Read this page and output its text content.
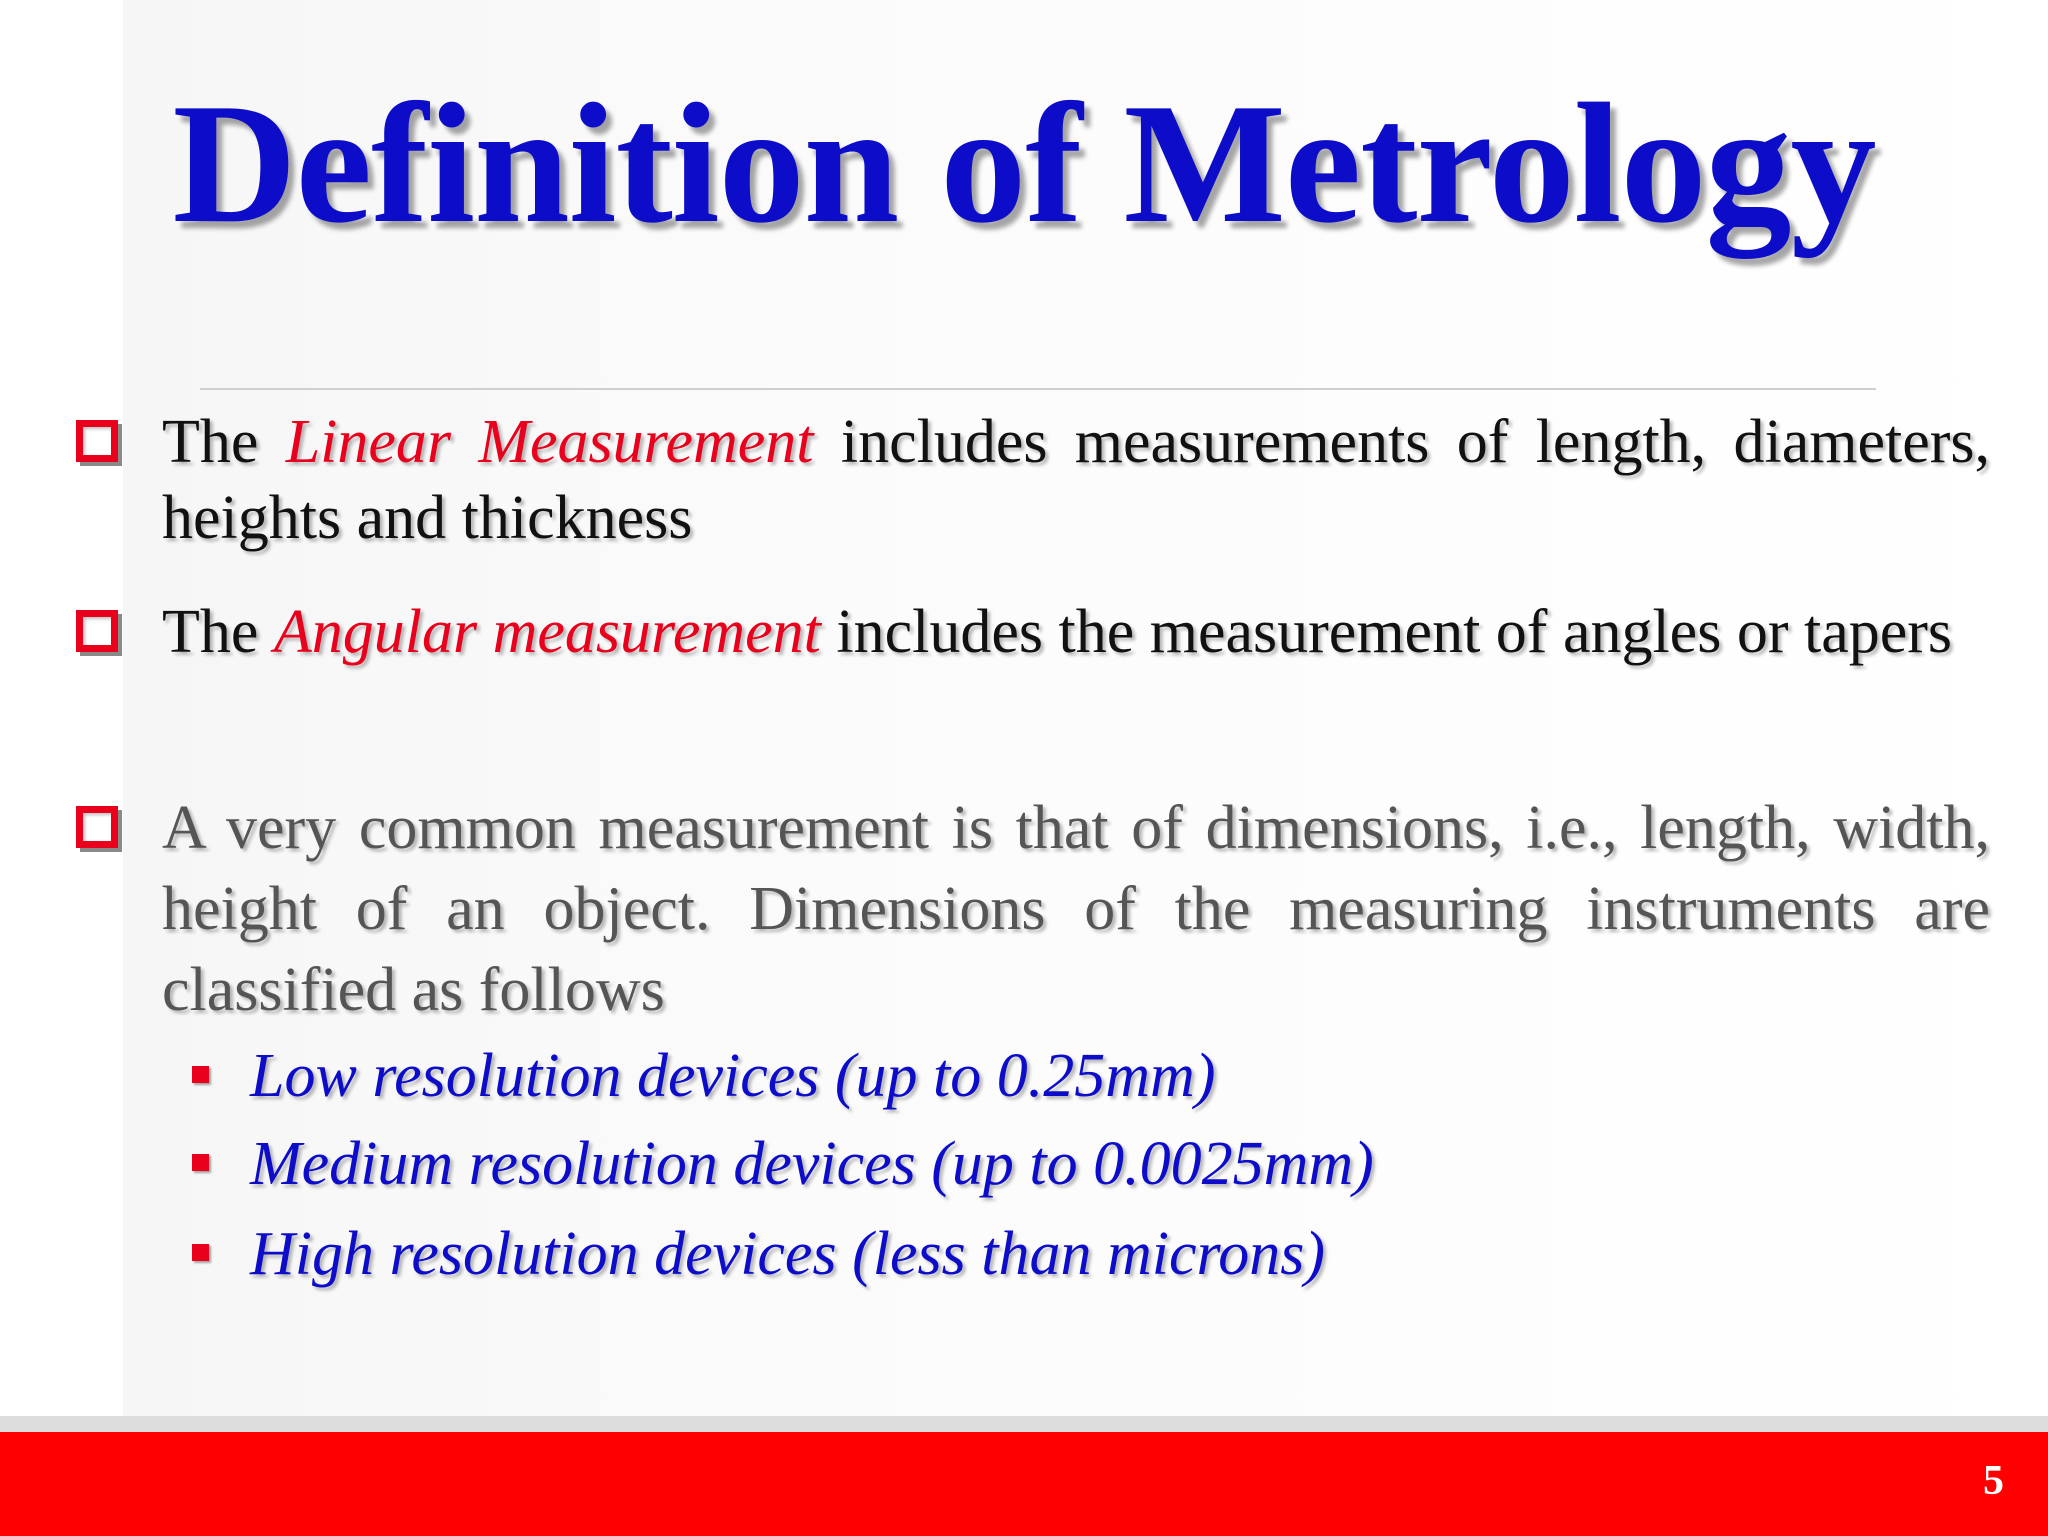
Definition of Metrology
The Linear Measurement includes measurements of length, diameters, heights and thickness
The Angular measurement includes the measurement of angles or tapers
A very common measurement is that of dimensions, i.e., length, width, height of an object. Dimensions of the measuring instruments are classified as follows
Low resolution devices (up to 0.25mm)
Medium resolution devices (up to 0.0025mm)
High resolution devices (less than microns)
5
